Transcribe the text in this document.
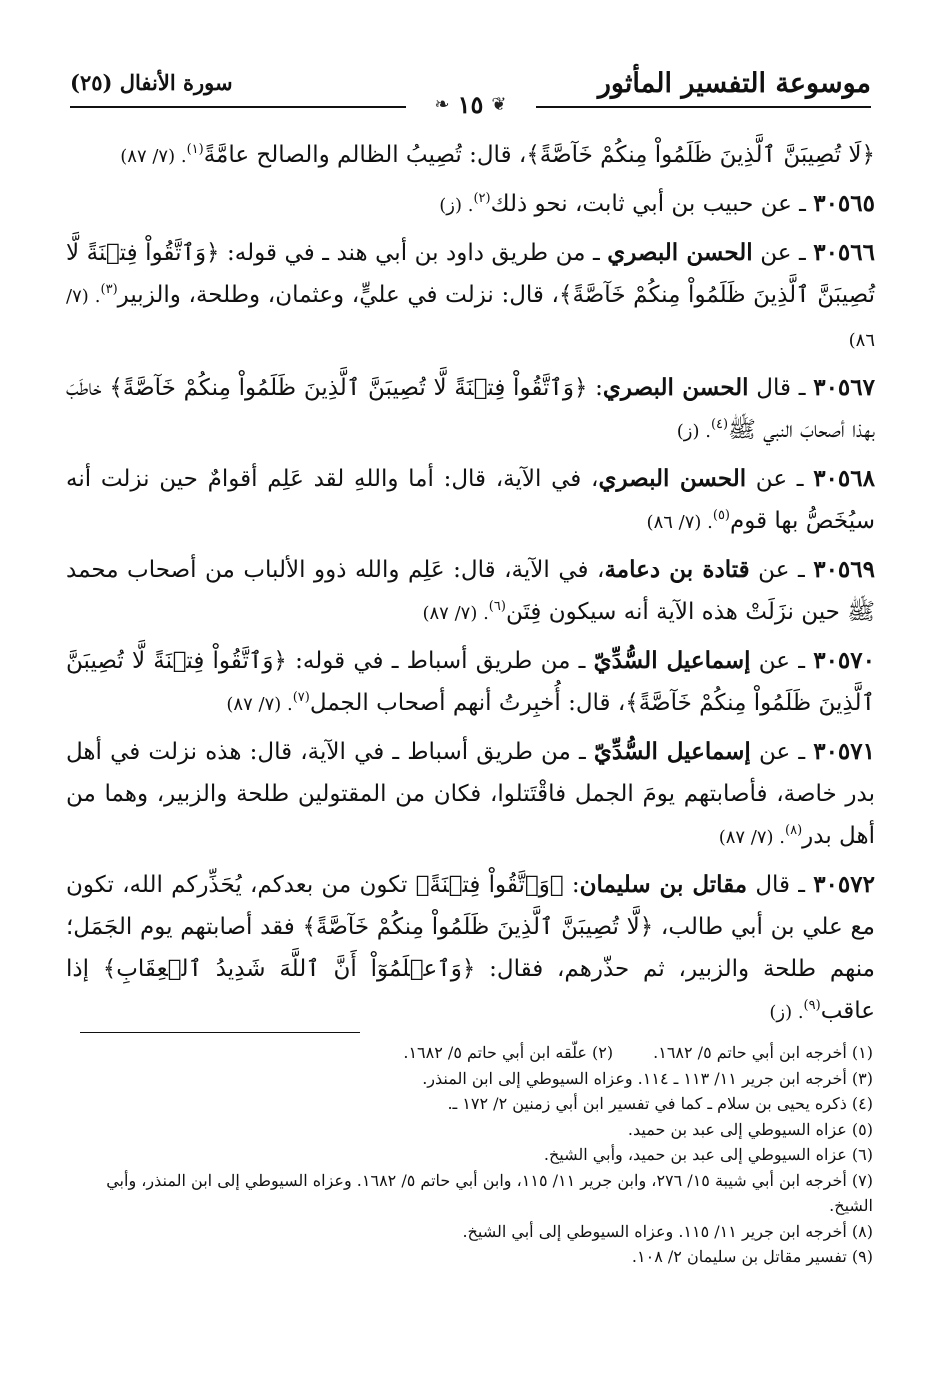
موسوعة التفسير المأثور
سورة الأنفال (٢٥)
❦
١٥
❧

﴿لَا تُصِيبَنَّ ٱلَّذِينَ ظَلَمُواْ مِنكُمْ خَآصَّةً﴾، قال: تُصِيبُ الظالم والصالح عامَّةً$^{(١)}$. (٧/ ٨٧)

٣٠٥٦٥ ـ عن حبيب بن أبي ثابت، نحو ذلك$^{(٢)}$. (ز)

٣٠٥٦٦ ـ عن الحسن البصري ـ من طريق داود بن أبي هند ـ في قوله: ﴿وَٱتَّقُواْ فِتۡنَةً لَّا تُصِيبَنَّ ٱلَّذِينَ ظَلَمُواْ مِنكُمْ خَآصَّةً﴾، قال: نزلت في عليٍّ، وعثمان، وطلحة، والزبير$^{(٣)}$. (٧/ ٨٦)

٣٠٥٦٧ ـ قال الحسن البصري: ﴿وَٱتَّقُواْ فِتۡنَةً لَّا تُصِيبَنَّ ٱلَّذِينَ ظَلَمُواْ مِنكُمْ خَآصَّةً﴾ خاطَبَ بهذا أصحابَ النبي ﷺ$^{(٤)}$. (ز)

٣٠٥٦٨ ـ عن الحسن البصري، في الآية، قال: أما واللهِ لقد عَلِم أقوامٌ حين نزلت أنه سيُخَصُّ بها قوم$^{(٥)}$. (٧/ ٨٦)

٣٠٥٦٩ ـ عن قتادة بن دعامة، في الآية، قال: عَلِم والله ذوو الألباب من أصحاب محمد ﷺ حين نزَلَتْ هذه الآية أنه سيكون فِتَن$^{(٦)}$. (٧/ ٨٧)

٣٠٥٧٠ ـ عن إسماعيل السُّدِّيّ ـ من طريق أسباط ـ في قوله: ﴿وَٱتَّقُواْ فِتۡنَةً لَّا تُصِيبَنَّ ٱلَّذِينَ ظَلَمُواْ مِنكُمْ خَآصَّةً﴾، قال: أُخبِرتُ أنهم أصحاب الجمل$^{(٧)}$. (٧/ ٨٧)

٣٠٥٧١ ـ عن إسماعيل السُّدِّيّ ـ من طريق أسباط ـ في الآية، قال: هذه نزلت في أهل بدر خاصة، فأصابتهم يومَ الجمل فاقْتَتلوا، فكان من المقتولين طلحة والزبير، وهما من أهل بدر$^{(٨)}$. (٧/ ٨٧)

٣٠٥٧٢ ـ قال مقاتل بن سليمان: ﴿وَٱتَّقُواْ فِتۡنَةً﴾ تكون من بعدكم، يُحَذِّركم الله، تكون مع علي بن أبي طالب، ﴿لَّا تُصِيبَنَّ ٱلَّذِينَ ظَلَمُواْ مِنكُمْ خَآصَّةً﴾ فقد أصابتهم يوم الجَمَل؛ منهم طلحة والزبير، ثم حذّرهم، فقال: ﴿وَٱعۡلَمُوٓاْ أَنَّ ٱللَّهَ شَدِيدُ ٱلۡعِقَابِ﴾ إذا عاقب$^{(٩)}$. (ز)

(١) أخرجه ابن أبي حاتم ٥/ ١٦٨٢.

(٢) علّقه ابن أبي حاتم ٥/ ١٦٨٢.

(٣) أخرجه ابن جرير ١١/ ١١٣ ـ ١١٤. وعزاه السيوطي إلى ابن المنذر.

(٤) ذكره يحيى بن سلام ـ كما في تفسير ابن أبي زمنين ٢/ ١٧٢ ـ.

(٥) عزاه السيوطي إلى عبد بن حميد.

(٦) عزاه السيوطي إلى عبد بن حميد، وأبي الشيخ.

(٧) أخرجه ابن أبي شيبة ١٥/ ٢٧٦، وابن جرير ١١/ ١١٥، وابن أبي حاتم ٥/ ١٦٨٢. وعزاه السيوطي إلى ابن المنذر، وأبي الشيخ.

(٨) أخرجه ابن جرير ١١/ ١١٥. وعزاه السيوطي إلى أبي الشيخ.

(٩) تفسير مقاتل بن سليمان ٢/ ١٠٨.
